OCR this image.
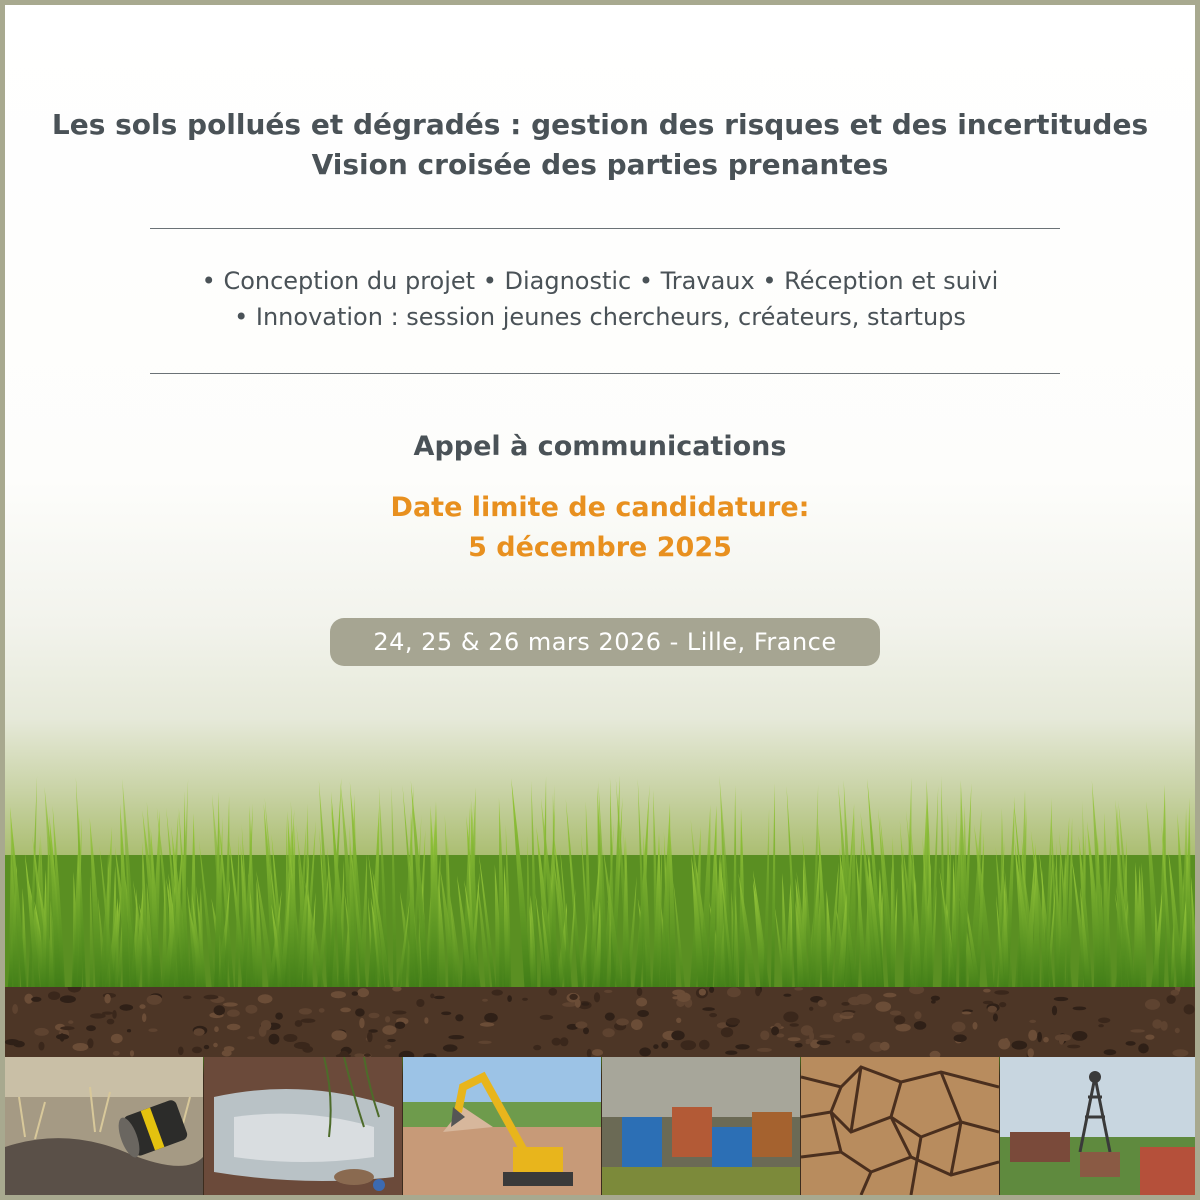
Les sols pollués et dégradés : gestion des risques et des incertitudes
Vision croisée des parties prenantes
• Conception du projet • Diagnostic • Travaux • Réception et suivi
• Innovation : session jeunes chercheurs, créateurs, startups
Appel à communications
Date limite de candidature:
5 décembre 2025
24, 25 & 26 mars 2026 - Lille, France
